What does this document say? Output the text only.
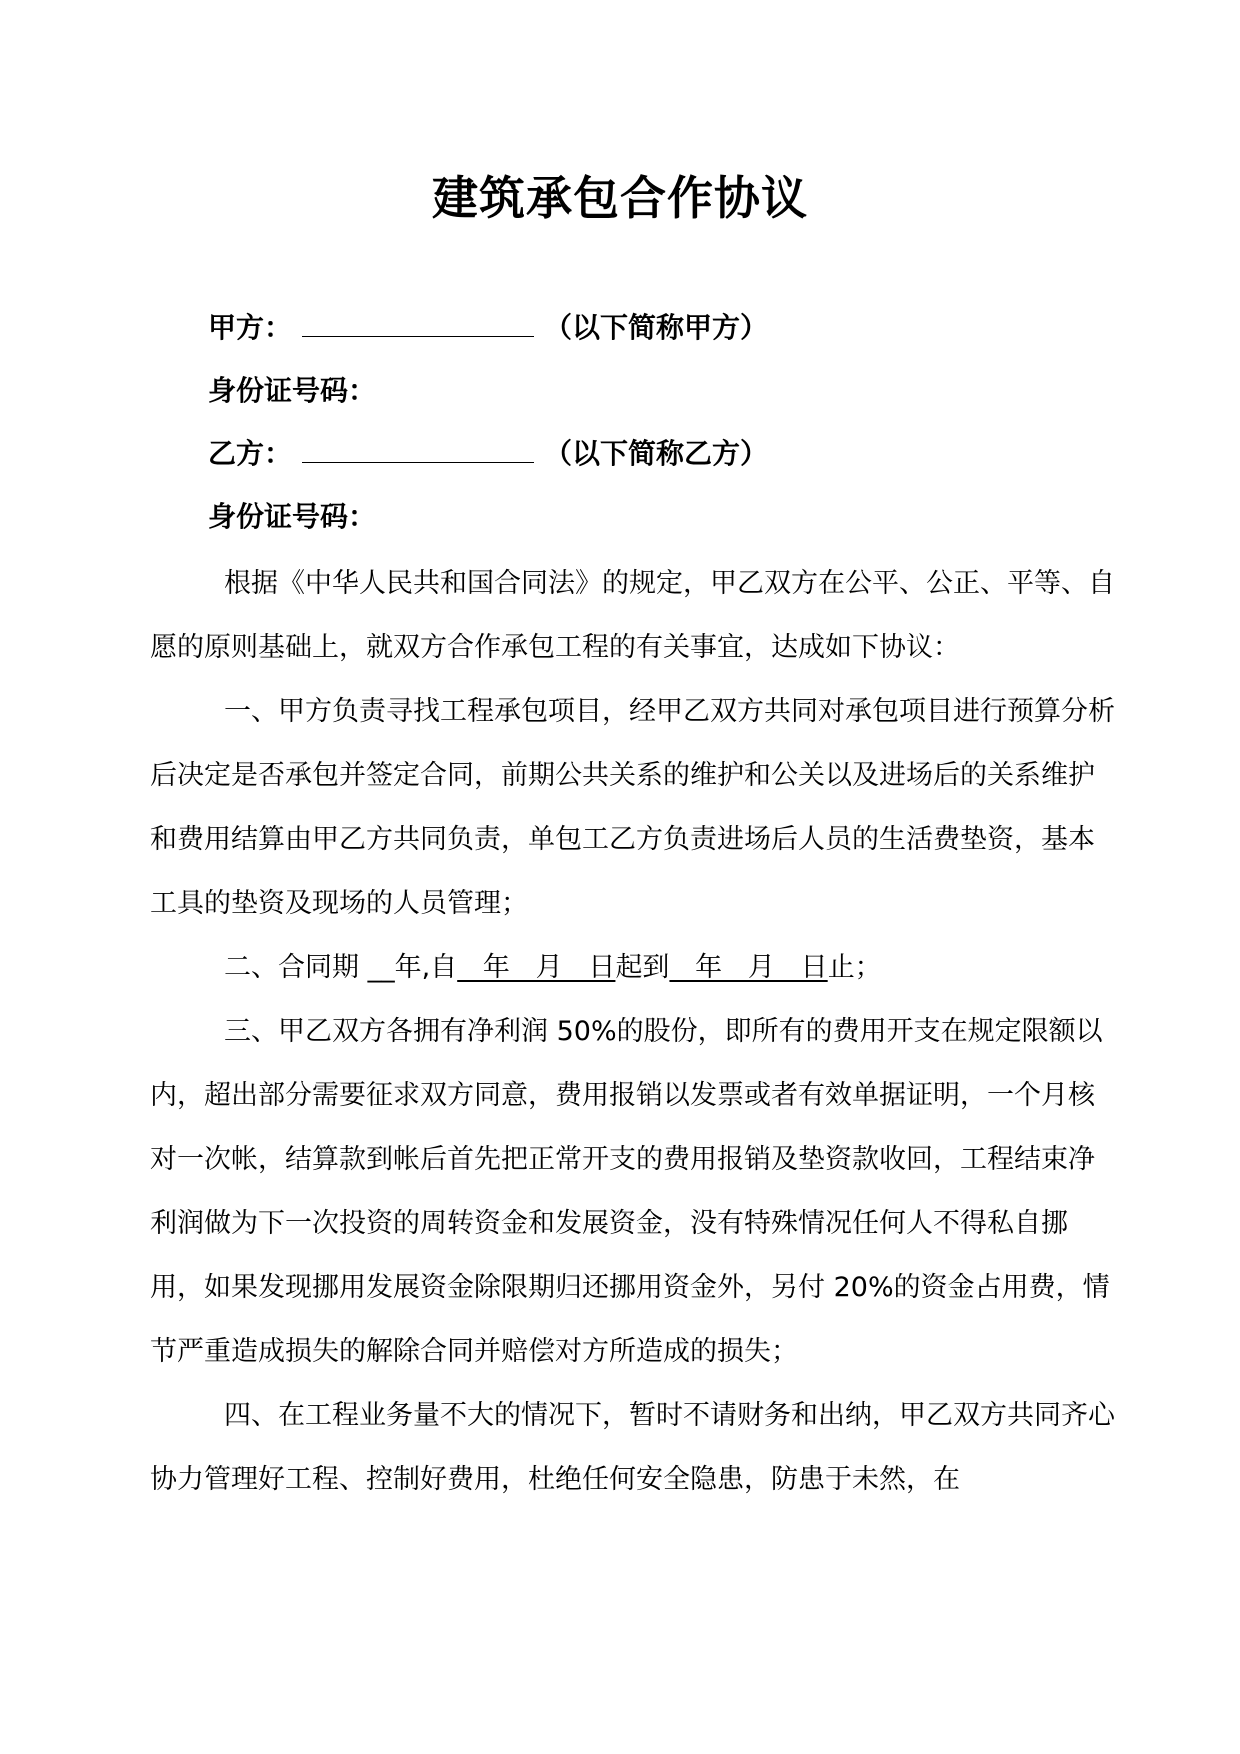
建筑承包合作协议
甲方：	（以下简称甲方）
身份证号码：
乙方：	（以下简称乙方）
身份证号码：

根据《中华人民共和国合同法》的规定，甲乙双方在公平、公正、平等、自愿的原则基础上，就双方合作承包工程的有关事宜，达成如下协议：

一、甲方负责寻找工程承包项目，经甲乙双方共同对承包项目进行预算分析后决定是否承包并签定合同，前期公共关系的维护和公关以及进场后的关系维护和费用结算由甲乙方共同负责，单包工乙方负责进场后人员的生活费垫资，基本工具的垫资及现场的人员管理；

二、合同期 __年,自   年   月   日起到   年   月   日止；

三、甲乙双方各拥有净利润 50%的股份，即所有的费用开支在规定限额以内，超出部分需要征求双方同意，费用报销以发票或者有效单据证明，一个月核对一次帐，结算款到帐后首先把正常开支的费用报销及垫资款收回，工程结束净利润做为下一次投资的周转资金和发展资金，没有特殊情况任何人不得私自挪用，如果发现挪用发展资金除限期归还挪用资金外，另付 20%的资金占用费，情节严重造成损失的解除合同并赔偿对方所造成的损失；

四、在工程业务量不大的情况下，暂时不请财务和出纳，甲乙双方共同齐心协力管理好工程、控制好费用，杜绝任何安全隐患，防患于未然，在
